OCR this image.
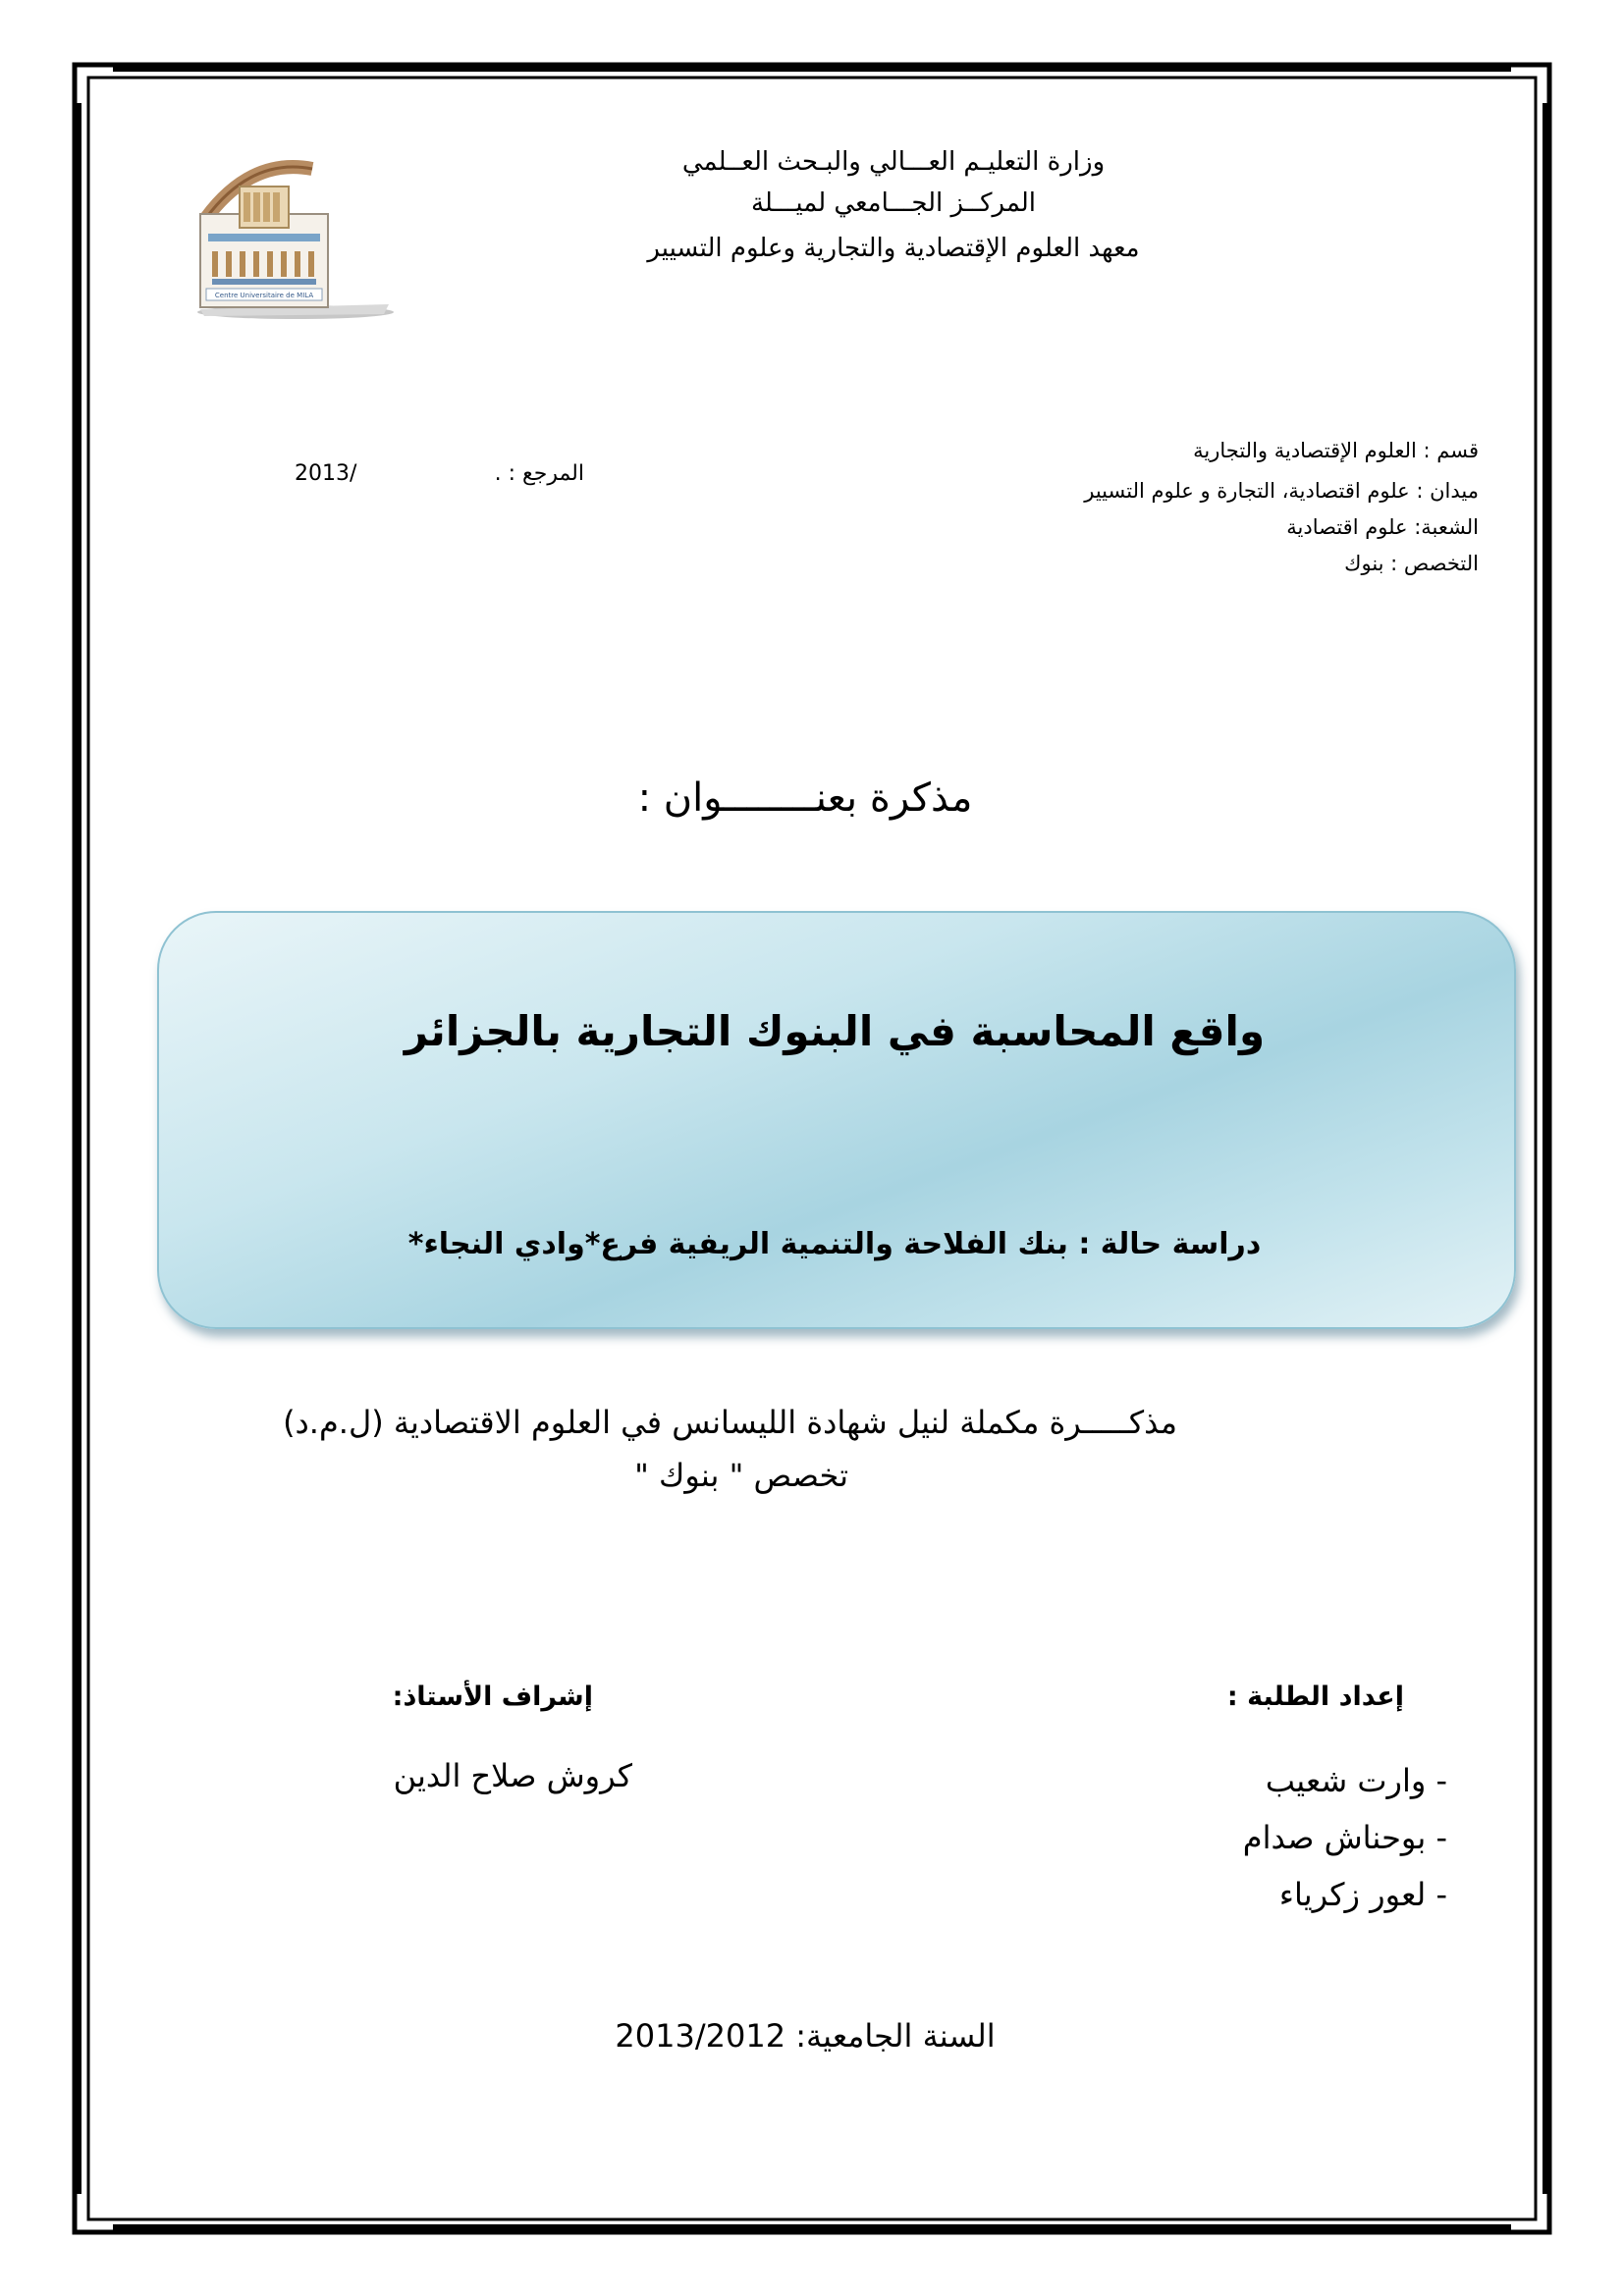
Centre Universitaire de MILA
وزارة التعليـم العـــالي والبـحث العــلمي
المركــز الجـــامعي لميـــلة
معهد العلوم الإقتصادية والتجارية وعلوم التسيير
قسم : العلوم الإقتصادية والتجارية
ميدان : علوم اقتصادية، التجارة و علوم التسيير
الشعبة: علوم اقتصادية
التخصص : بنوك
المرجع : .
2013/
مذكرة بعنــــــــوان :
واقع المحاسبة في البنوك التجارية بالجزائر
دراسة حالة : بنك الفلاحة والتنمية الريفية فرع*وادي النجاء*
مذكـــــرة مكملة لنيل شهادة الليسانس في العلوم الاقتصادية (ل.م.د)
تخصص " بنوك "
إعداد الطلبة :
- وارت شعيب
- بوحناش صدام
- لعور زكرياء
إشراف الأستاذ:
كروش صلاح الدين
السنة الجامعية: 2013/2012
